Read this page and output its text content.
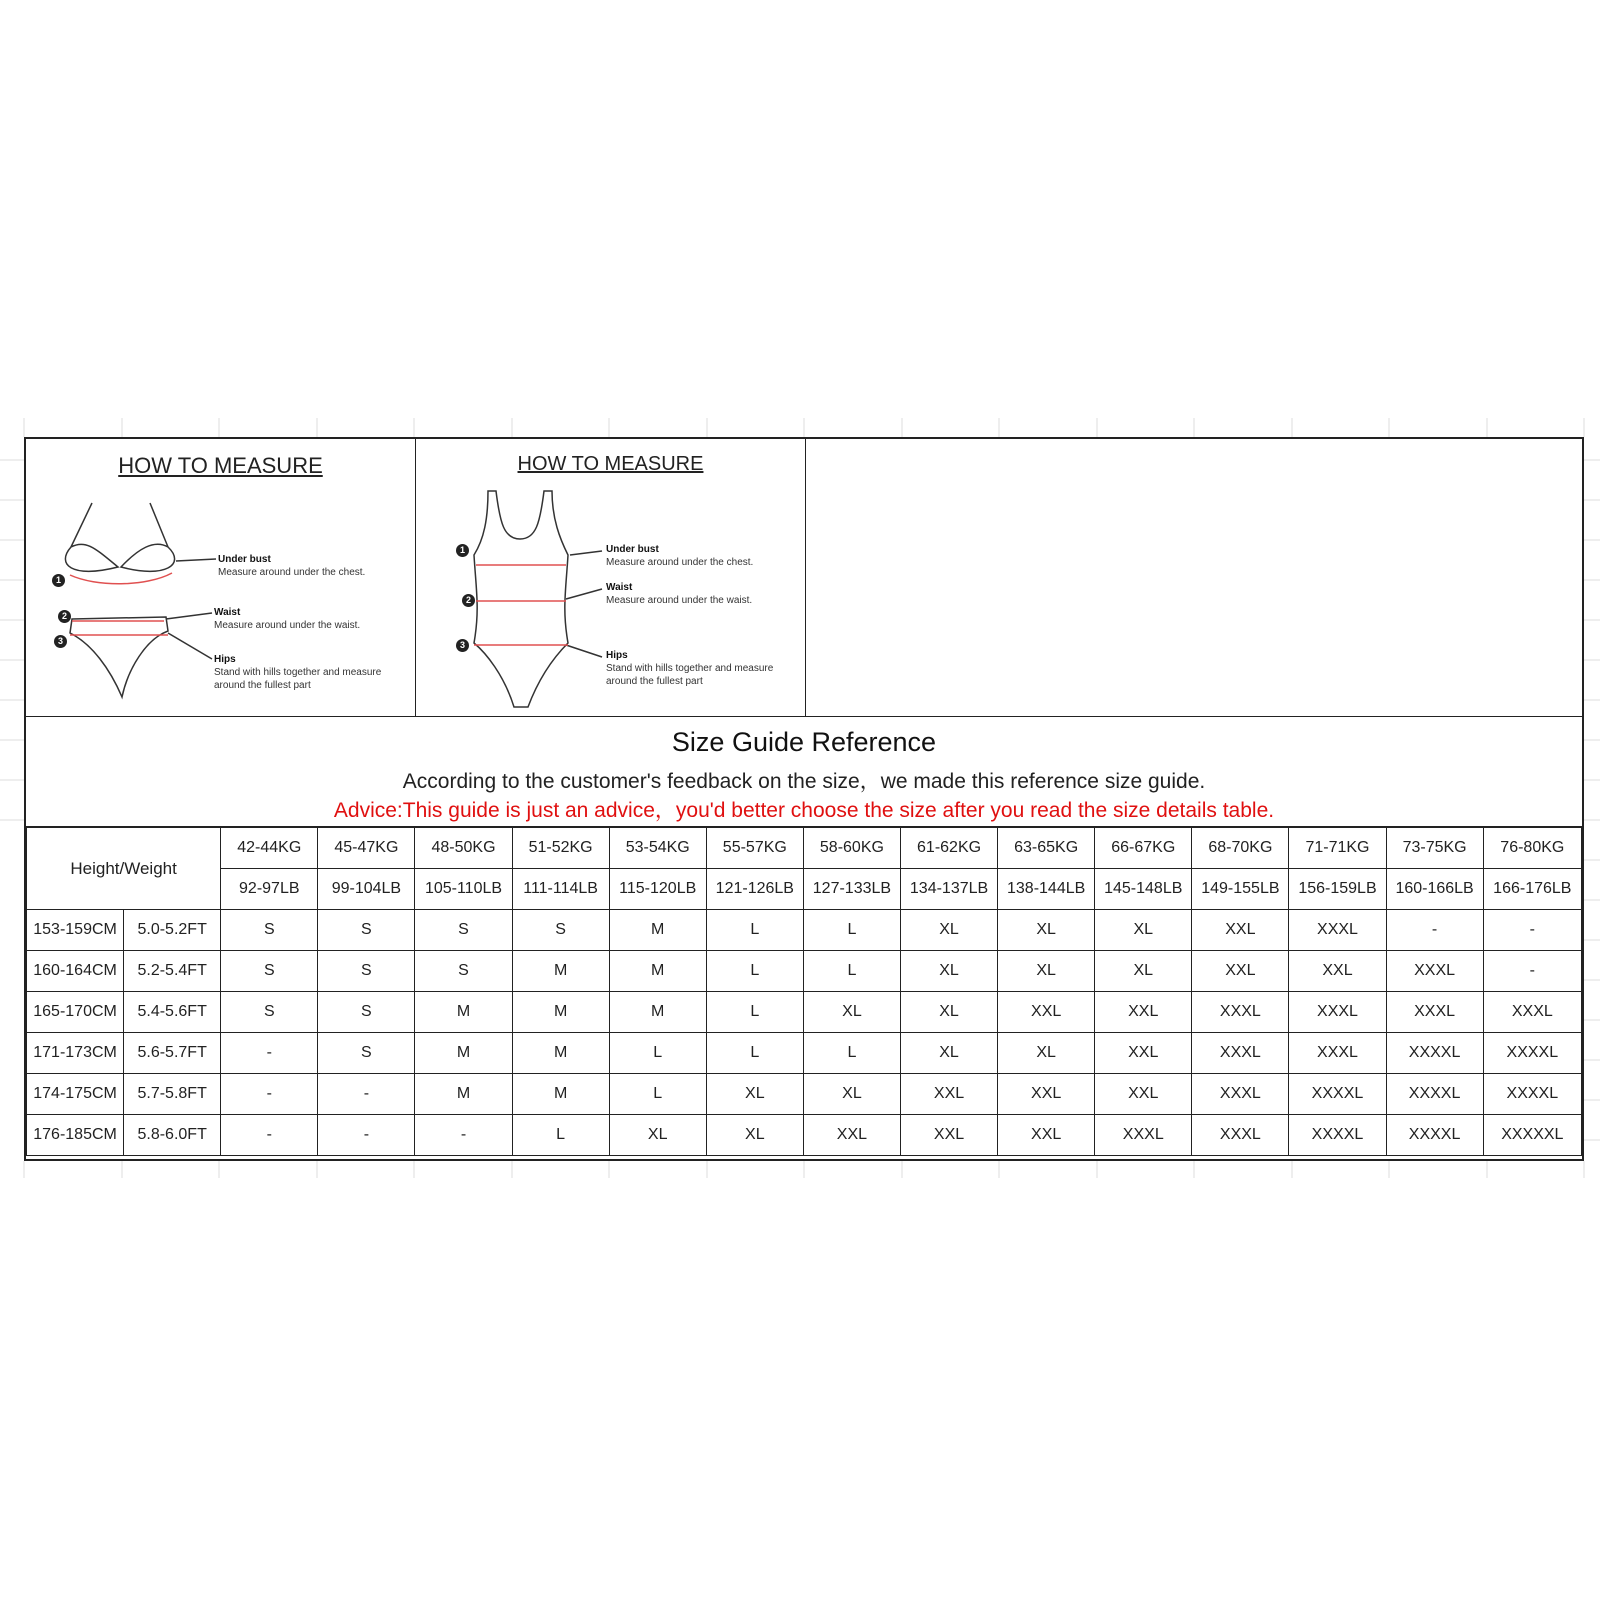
HOW TO MEASURE
1
2
3
Under bust
Measure around under the chest.
Waist
Measure around under the waist.
Hips
Stand with hills together and measure around the fullest part
HOW TO MEASURE
1
2
3
Under bust
Measure around under the chest.
Waist
Measure around under the waist.
Hips
Stand with hills together and measure around the fullest part
Size Guide Reference
According to the customer's feedback on the size，we made this reference size guide.
Advice:This guide is just an advice，you'd better choose the size after you read the size details table.
Height/Weight		42-44KG	45-47KG	48-50KG	51-52KG	53-54KG	55-57KG	58-60KG	61-62KG	63-65KG	66-67KG	68-70KG	71-71KG	73-75KG	76-80KG
		92-97LB	99-104LB	105-110LB	111-114LB	115-120LB	121-126LB	127-133LB	134-137LB	138-144LB	145-148LB	149-155LB	156-159LB	160-166LB	166-176LB
153-159CM	5.0-5.2FT	S	S	S	S	M	L	L	XL	XL	XL	XXL	XXXL	-	-
160-164CM	5.2-5.4FT	S	S	S	M	M	L	L	XL	XL	XL	XXL	XXL	XXXL	-
165-170CM	5.4-5.6FT	S	S	M	M	M	L	XL	XL	XXL	XXL	XXXL	XXXL	XXXL	XXXL
171-173CM	5.6-5.7FT	-	S	M	M	L	L	L	XL	XL	XXL	XXXL	XXXL	XXXXL	XXXXL
174-175CM	5.7-5.8FT	-	-	M	M	L	XL	XL	XXL	XXL	XXL	XXXL	XXXXL	XXXXL	XXXXL
176-185CM	5.8-6.0FT	-	-	-	L	XL	XL	XXL	XXL	XXL	XXXL	XXXL	XXXXL	XXXXL	XXXXXL
